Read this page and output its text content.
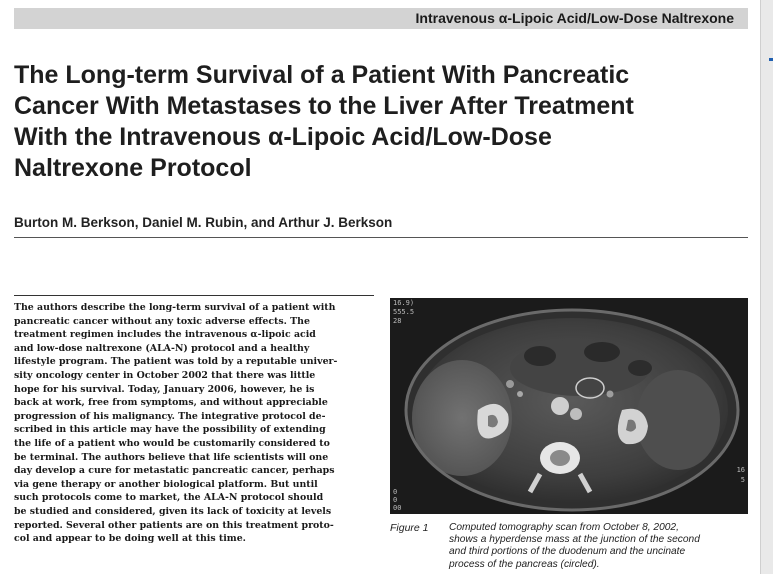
Intravenous α-Lipoic Acid/Low-Dose Naltrexone
The Long-term Survival of a Patient With Pancreatic
Cancer With Metastases to the Liver After Treatment
With the Intravenous α-Lipoic Acid/Low-Dose
Naltrexone Protocol
Burton M. Berkson, Daniel M. Rubin, and Arthur J. Berkson

The authors describe the long-term survival of a patient with
pancreatic cancer without any toxic adverse effects. The
treatment regimen includes the intravenous α-lipoic acid
and low-dose naltrexone (ALA-N) protocol and a healthy
lifestyle program. The patient was told by a reputable univer-
sity oncology center in October 2002 that there was little
hope for his survival. Today, January 2006, however, he is
back at work, free from symptoms, and without appreciable
progression of his malignancy. The integrative protocol de-
scribed in this article may have the possibility of extending
the life of a patient who would be customarily considered to
be terminal. The authors believe that life scientists will one
day develop a cure for metastatic pancreatic cancer, perhaps
via gene therapy or another biological platform. But until
such protocols come to market, the ALA-N protocol should
be studied and considered, given its lack of toxicity at levels
reported. Several other patients are on this treatment proto-
col and appear to be doing well at this time.

16.9)
555.5
28
16
5
0
0
00
Figure 1 Computed tomography scan from October 8, 2002,
shows a hyperdense mass at the junction of the second
and third portions of the duodenum and the uncinate
process of the pancreas (circled).
